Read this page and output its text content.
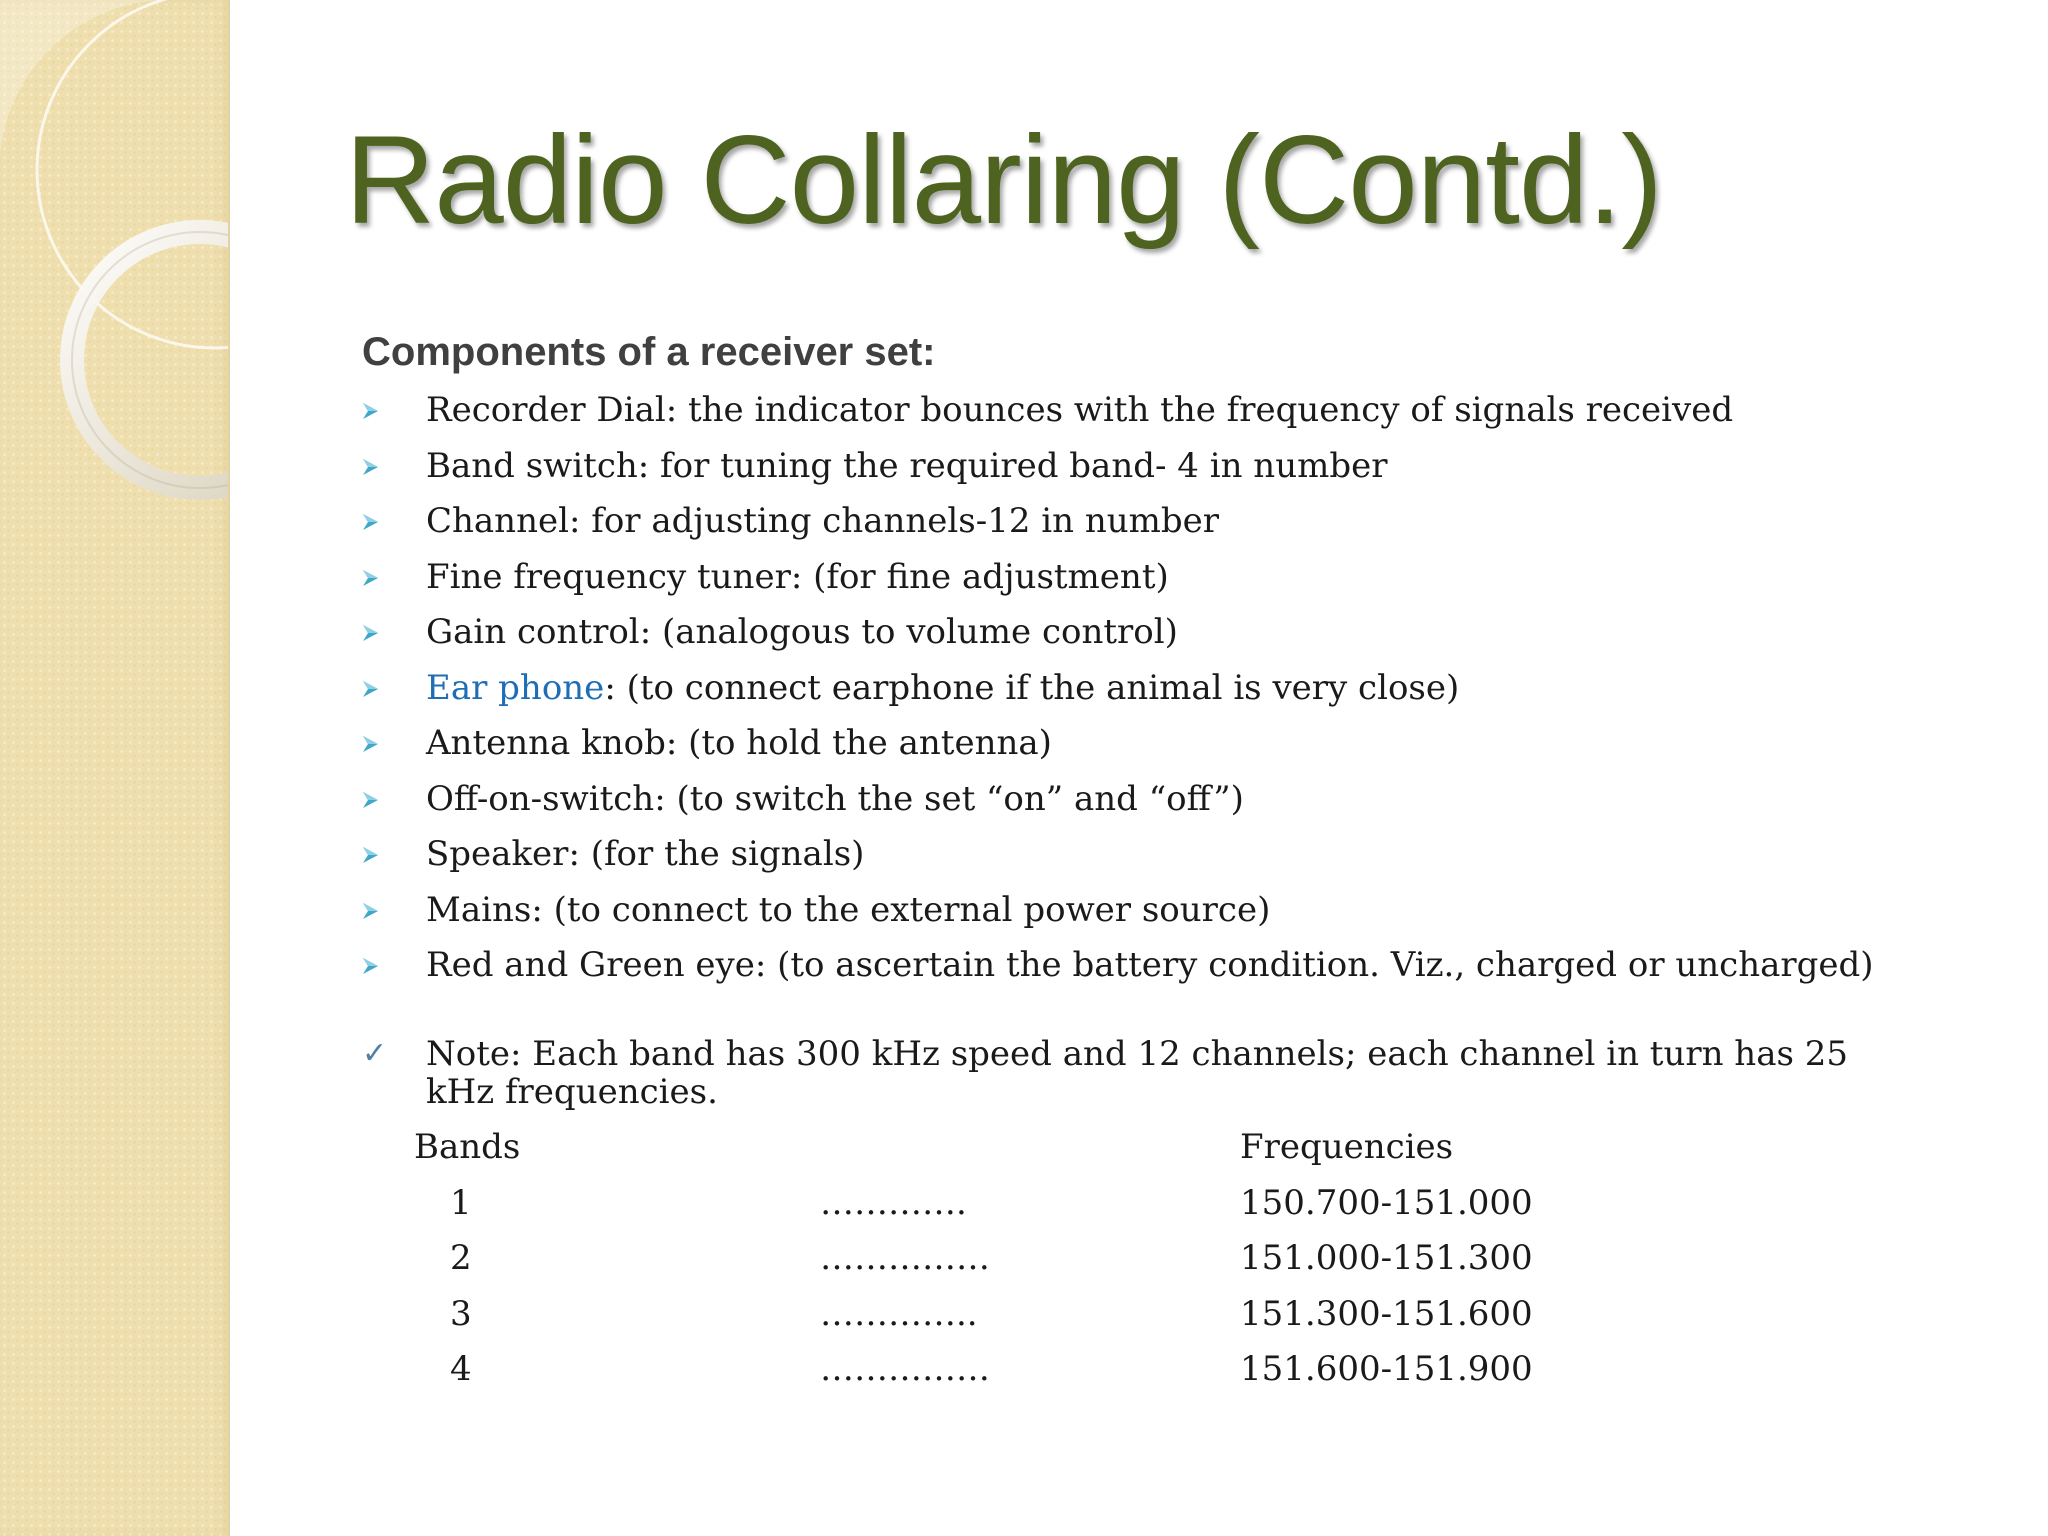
Radio Collaring (Contd.)
Components of a receiver set:
Recorder Dial: the indicator bounces with the frequency of signals received
Band switch: for tuning the required band- 4 in number
Channel: for adjusting channels-12 in number
Fine frequency tuner: (for fine adjustment)
Gain control: (analogous to volume control)
Ear phone: (to connect earphone if the animal is very close)
Antenna knob: (to hold the antenna)
Off-on-switch: (to switch the set “on” and “off”)
Speaker: (for the signals)
Mains: (to connect to the external power source)
Red and Green eye: (to ascertain the battery condition. Viz., charged or uncharged)
✓ Note: Each band has 300 kHz speed and 12 channels; each channel in turn has 25 kHz frequencies.
Bands		Frequencies
1	………….	150.700-151.000
2	……………	151.000-151.300
3	…………..	151.300-151.600
4	……………	151.600-151.900
